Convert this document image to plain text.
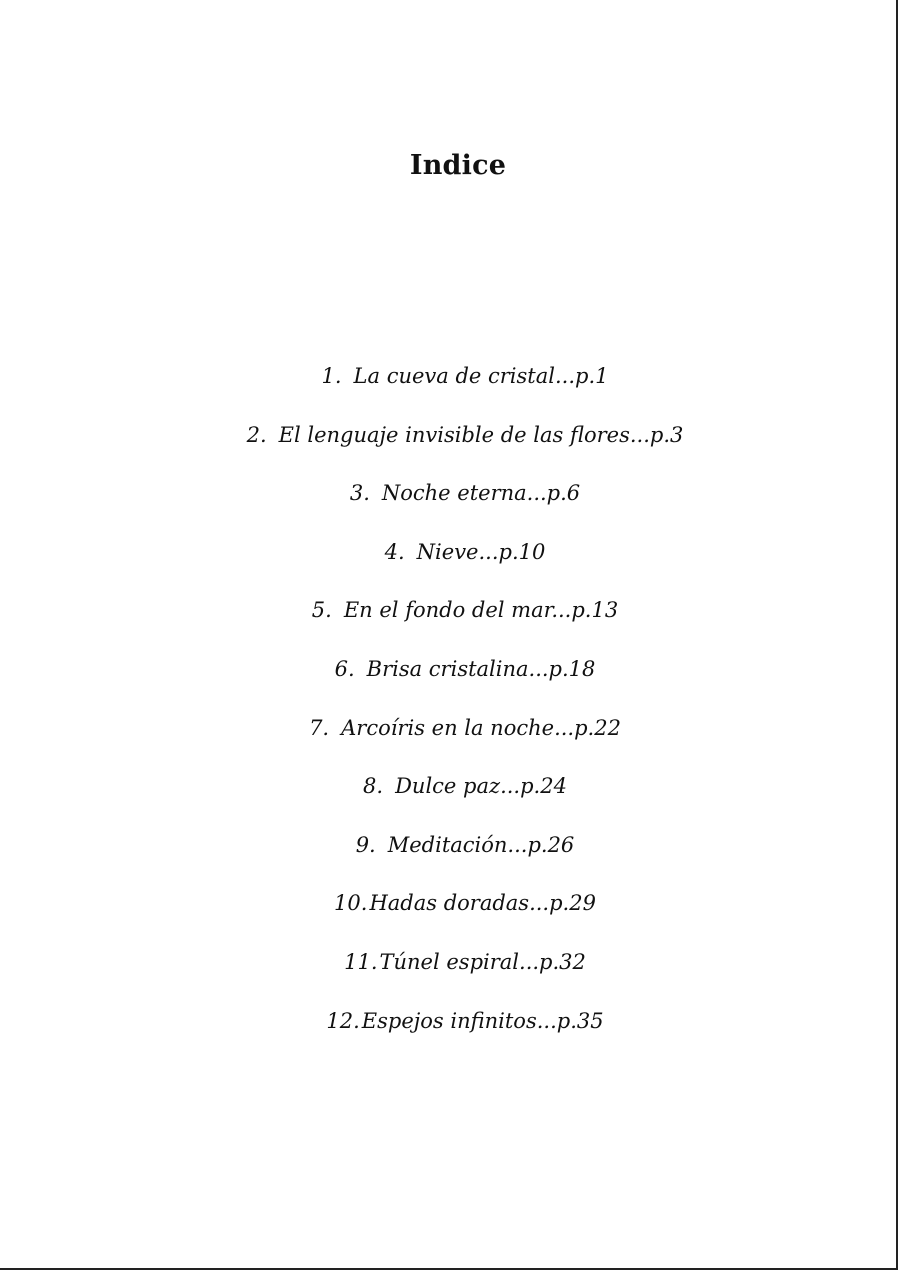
Indice
1. La cueva de cristal...p.1
2. El lenguaje invisible de las flores...p.3
3. Noche eterna...p.6
4. Nieve...p.10
5. En el fondo del mar...p.13
6. Brisa cristalina...p.18
7. Arcoíris en la noche...p.22
8. Dulce paz...p.24
9. Meditación...p.26
10.Hadas doradas...p.29
11.Túnel espiral...p.32
12.Espejos infinitos...p.35
